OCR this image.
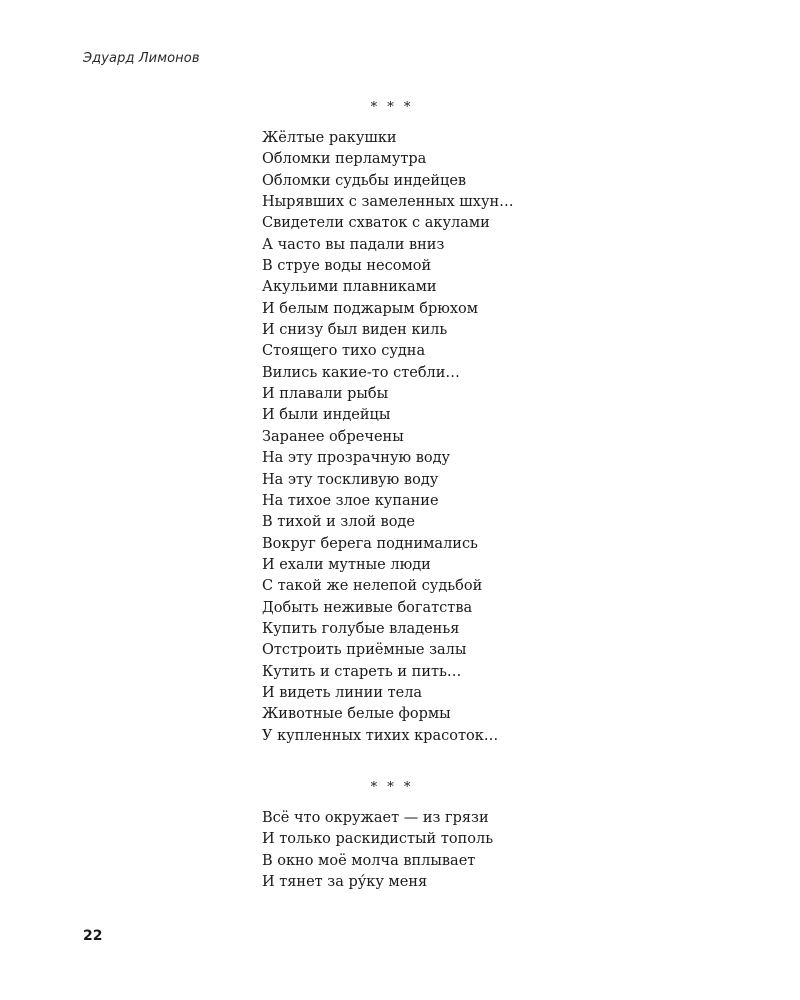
Эдуард Лимонов
* * *
Жёлтые ракушки
Обломки перламутра
Обломки судьбы индейцев
Нырявших с замеленных шхун…
Свидетели схваток с акулами
А часто вы падали вниз
В струе воды несомой
Акульими плавниками
И белым поджарым брюхом
И снизу был виден киль
Стоящего тихо судна
Вились какие-то стебли…
И плавали рыбы
И были индейцы
Заранее обречены
На эту прозрачную воду
На эту тоскливую воду
На тихое злое купание
В тихой и злой воде
Вокруг берега поднимались
И ехали мутные люди
С такой же нелепой судьбой
Добыть неживые богатства
Купить голубые владенья
Отстроить приёмные залы
Кутить и стареть и пить…
И видеть линии тела
Животные белые формы
У купленных тихих красоток…
* * *
Всё что окружает — из грязи
И только раскидистый тополь
В окно моё молча вплывает
И тянет за ру́ку меня
22
